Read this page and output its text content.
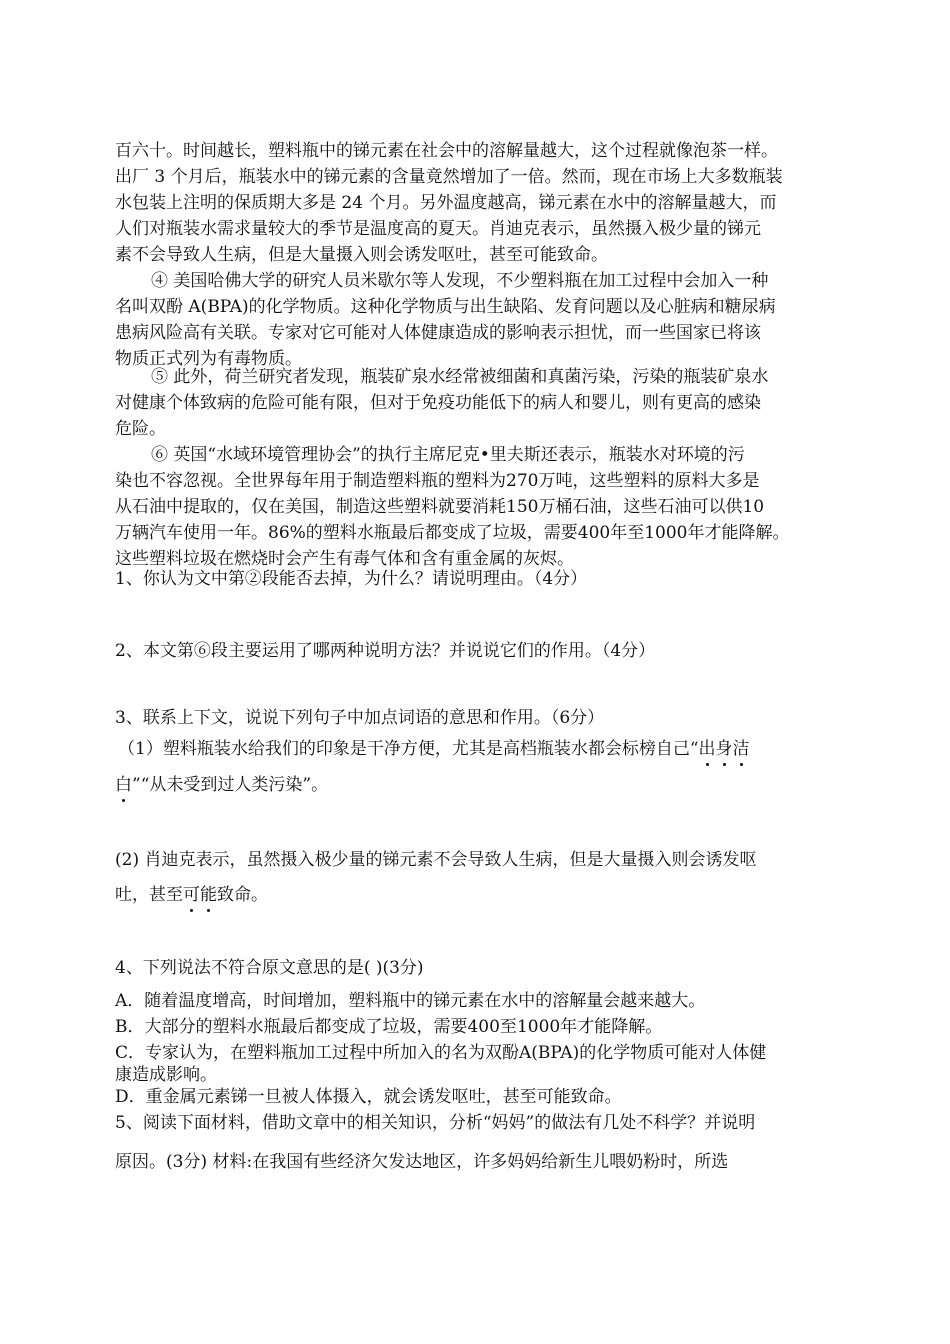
百六十。时间越长，塑料瓶中的锑元素在社会中的溶解量越大，这个过程就像泡茶一样。
出厂 3 个月后，瓶装水中的锑元素的含量竟然增加了一倍。然而，现在市场上大多数瓶装
水包装上注明的保质期大多是 24 个月。另外温度越高，锑元素在水中的溶解量越大，而
人们对瓶装水需求量较大的季节是温度高的夏天。肖迪克表示，虽然摄入极少量的锑元
素不会导致人生病，但是大量摄入则会诱发呕吐，甚至可能致命。
④ 美国哈佛大学的研究人员米歇尔等人发现，不少塑料瓶在加工过程中会加入一种
名叫双酚 A(BPA)的化学物质。这种化学物质与出生缺陷、发育问题以及心脏病和糖尿病
患病风险高有关联。专家对它可能对人体健康造成的影响表示担忧，而一些国家已将该
物质正式列为有毒物质。
⑤ 此外，荷兰研究者发现，瓶装矿泉水经常被细菌和真菌污染，污染的瓶装矿泉水
对健康个体致病的危险可能有限，但对于免疫功能低下的病人和婴儿，则有更高的感染
危险。
⑥ 英国“水域环境管理协会”的执行主席尼克•里夫斯还表示，瓶装水对环境的污
染也不容忽视。全世界每年用于制造塑料瓶的塑料为270万吨，这些塑料的原料大多是
从石油中提取的，仅在美国，制造这些塑料就要消耗150万桶石油，这些石油可以供10
万辆汽车使用一年。86%的塑料水瓶最后都变成了垃圾，需要400年至1000年才能降解。
这些塑料垃圾在燃烧时会产生有毒气体和含有重金属的灰烬。
1、你认为文中第②段能否去掉，为什么？请说明理由。（4分）
2、本文第⑥段主要运用了哪两种说明方法？并说说它们的作用。（4分）
3、联系上下文，说说下列句子中加点词语的意思和作用。（6分）
（1）塑料瓶装水给我们的印象是干净方便，尤其是高档瓶装水都会标榜自己“出身洁
白”“从未受到过人类污染”。
(2) 肖迪克表示，虽然摄入极少量的锑元素不会导致人生病，但是大量摄入则会诱发呕
吐，甚至可能致命。
4、下列说法不符合原文意思的是( )(3分)
A．随着温度增高，时间增加，塑料瓶中的锑元素在水中的溶解量会越来越大。
B．大部分的塑料水瓶最后都变成了垃圾，需要400至1000年才能降解。
C．专家认为，在塑料瓶加工过程中所加入的名为双酚A(BPA)的化学物质可能对人体健
康造成影响。
D．重金属元素锑一旦被人体摄入，就会诱发呕吐，甚至可能致命。
5、阅读下面材料，借助文章中的相关知识，分析“妈妈”的做法有几处不科学？并说明
原因。(3分) 材料:在我国有些经济欠发达地区，许多妈妈给新生儿喂奶粉时，所选
